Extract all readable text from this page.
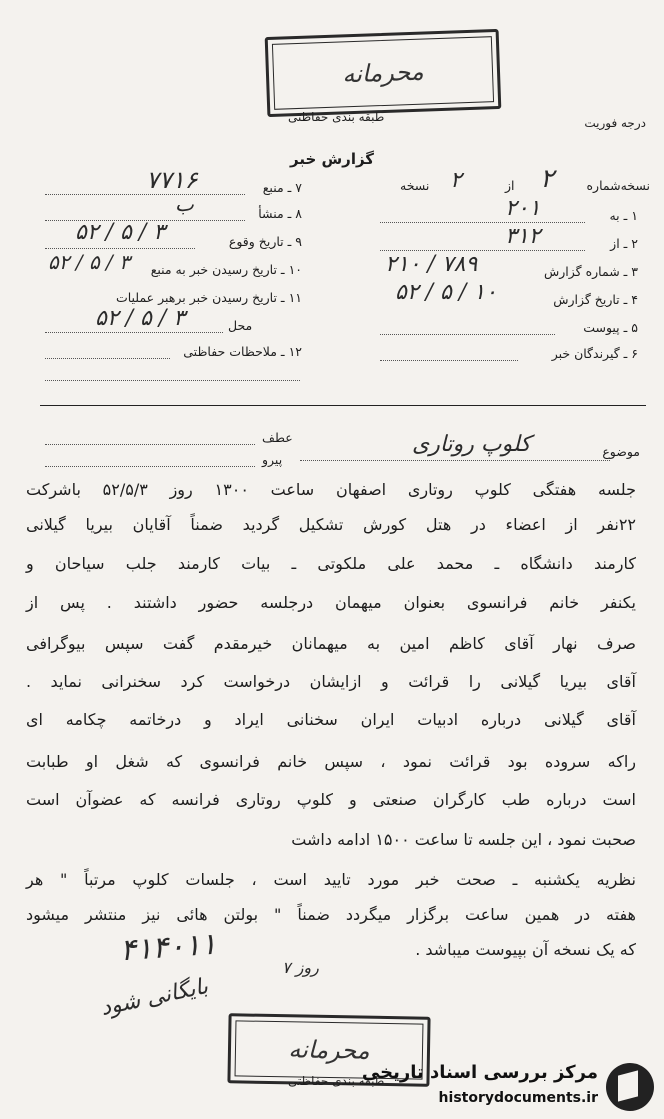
محرمانه
طبقه بندی حفاظتی	درجه فوریت
گزارش خبر
نسخه‌شماره
۲
از
۲
نسخه
۱ ـ به
۲۰۱
۲ ـ از
۳۱۲
۳ ـ شماره گزارش
۲۱۰ / ۷۸۹
۴ ـ تاریخ گزارش
۵۲ / ۵ / ۱۰
۵ ـ پیوست
۶ ـ گیرندگان خبر
۷ ـ منبع
۷۷۱۶
۸ ـ منشأ
ب
۹ ـ تاریخ وقوع
۵۲ / ۵ / ۳
۱۰ ـ تاریخ رسیدن خبر به منبع
۵۲ / ۵ / ۳
۱۱ ـ تاریخ رسیدن خبر برهبر عملیات
محل
۵۲ / ۵ / ۳
۱۲ ـ ملاحظات حفاظتی
عطف
پیرو
موضوع
کلوپ روتاری
جلسه هفتگی کلوپ روتاری اصفهان ساعت ۱۳۰۰ روز ۵۲/۵/۳ باشرکت
۲۲نفر از اعضاء در هتل کورش تشکیل گردید ضمناً آقایان بیریا گیلانی
کارمند دانشگاه ـ محمد علی ملکوتی ـ بیات کارمند جلب سیاحان و
یکنفر خانم فرانسوی بعنوان میهمان درجلسه حضور داشتند . پس از
صرف نهار آقای کاظم امین به میهمانان خیرمقدم گفت سپس بیوگرافی
آقای بیریا گیلانی را قرائت و ازایشان درخواست کرد سخنرانی نماید .
آقای گیلانی درباره ادبیات ایران سخنانی ایراد و درخاتمه چکامه ای
راکه سروده بود قرائت نمود ، سپس خانم فرانسوی که شغل او طبابت
است درباره طب کارگران صنعتی و کلوپ روتاری فرانسه که عضوآن است
صحبت نمود ، این جلسه تا ساعت ۱۵۰۰ ادامه داشت
نظریه یکشنبه ـ صحت خبر مورد تایید است ، جلسات کلوپ مرتباً " هر
هفته در همین ساعت برگزار میگردد ضمناً " بولتن هائی نیز منتشر میشود
که یک نسخه آن بپیوست میباشد .
۴۱۴۰۱۱	۷ روز
بایگانی شود
محرمانه
طبقه بندی حفاظتی
مرکز بررسی اسناد تاریخی
historydocuments.ir
